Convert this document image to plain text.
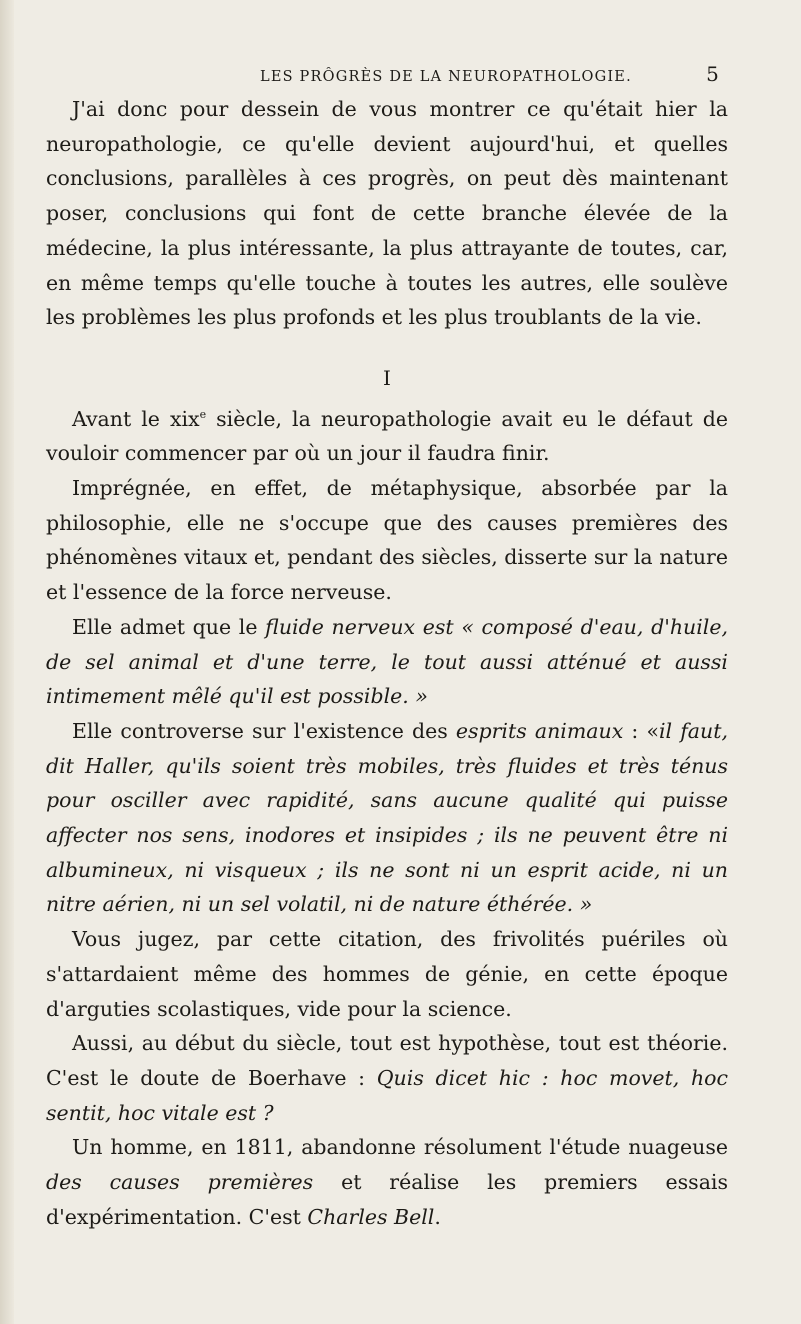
LES PRÔGRÈS DE LA NEUROPATHOLOGIE.	5

J'ai donc pour dessein de vous montrer ce qu'était hier la neuropathologie, ce qu'elle devient aujourd'hui, et quelles conclusions, parallèles à ces progrès, on peut dès maintenant poser, conclusions qui font de cette branche élevée de la médecine, la plus intéressante, la plus attrayante de toutes, car, en même temps qu'elle touche à toutes les autres, elle soulève les problèmes les plus profonds et les plus troublants de la vie.

I

Avant le xix$^e$ siècle, la neuropathologie avait eu le défaut de vouloir commencer par où un jour il faudra finir.

Imprégnée, en effet, de métaphysique, absorbée par la philosophie, elle ne s'occupe que des causes premières des phénomènes vitaux et, pendant des siècles, disserte sur la nature et l'essence de la force nerveuse.

Elle admet que le fluide nerveux est « composé d'eau, d'huile, de sel animal et d'une terre, le tout aussi atténué et aussi intimement mêlé qu'il est possible. »

Elle controverse sur l'existence des esprits animaux : «il faut, dit Haller, qu'ils soient très mobiles, très fluides et très ténus pour osciller avec rapidité, sans aucune qualité qui puisse affecter nos sens, inodores et insipides ; ils ne peuvent être ni albumineux, ni visqueux ; ils ne sont ni un esprit acide, ni un nitre aérien, ni un sel volatil, ni de nature éthérée. »

Vous jugez, par cette citation, des frivolités puériles où s'attardaient même des hommes de génie, en cette époque d'arguties scolastiques, vide pour la science.

Aussi, au début du siècle, tout est hypothèse, tout est théorie. C'est le doute de Boerhave : Quis dicet hic : hoc movet, hoc sentit, hoc vitale est ?

Un homme, en 1811, abandonne résolument l'étude nuageuse des causes premières et réalise les premiers essais d'expérimentation. C'est Charles Bell.
